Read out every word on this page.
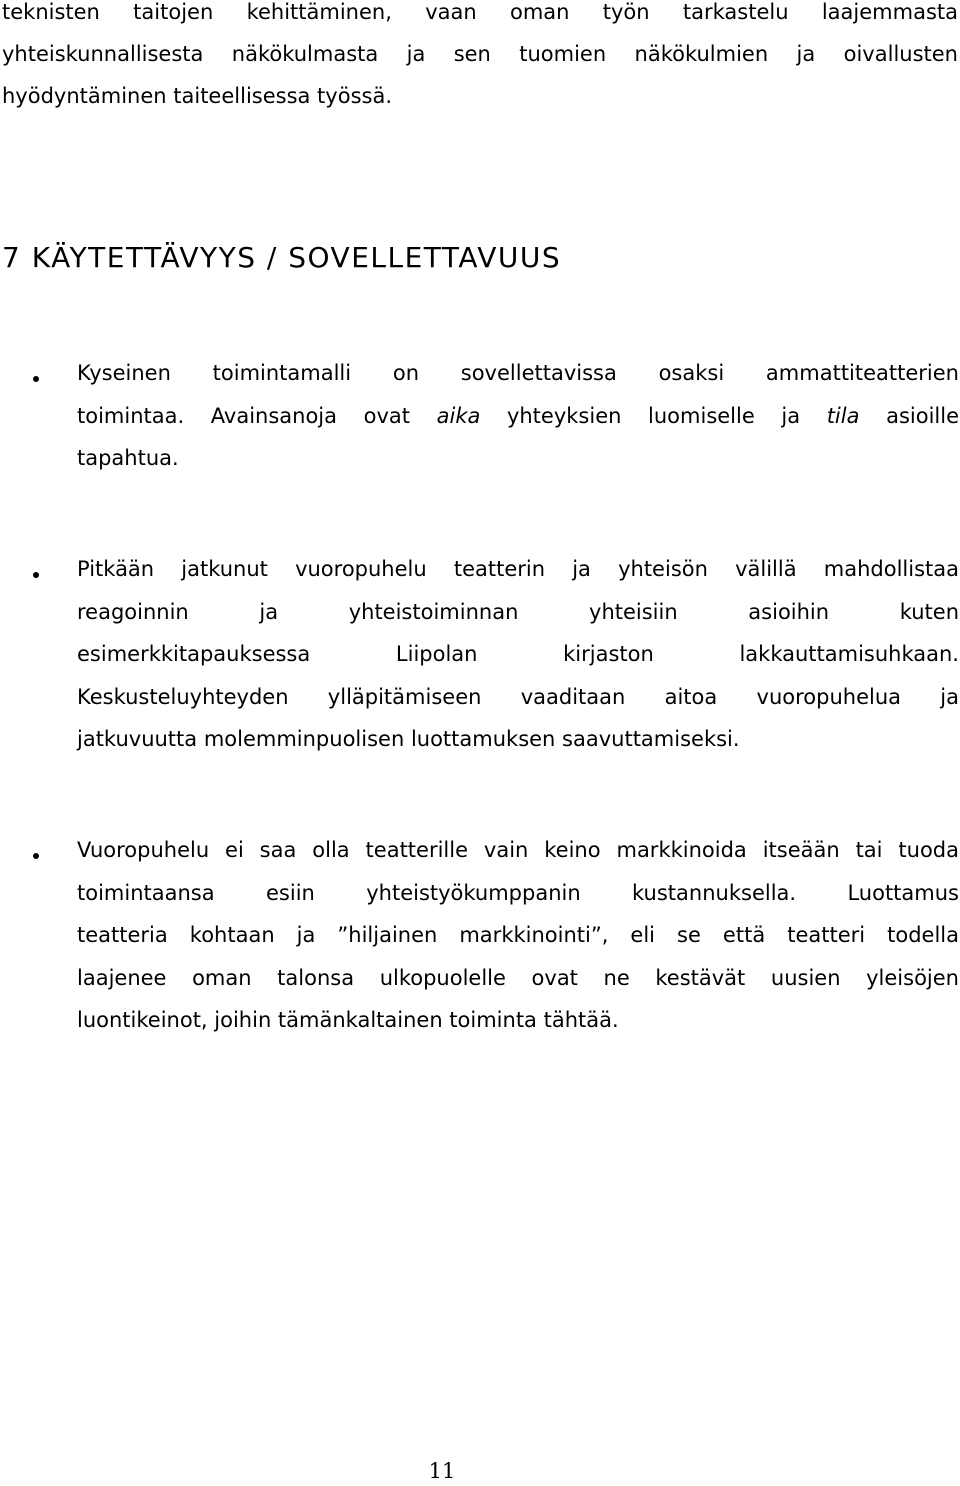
teknisten taitojen kehittäminen, vaan oman työn tarkastelu laajemmasta
yhteiskunnallisesta näkökulmasta ja sen tuomien näkökulmien ja oivallusten
hyödyntäminen taiteellisessa työssä.

7 KÄYTETTÄVYYS / SOVELLETTAVUUS

Kyseinen toimintamalli on sovellettavissa osaksi ammattiteatterien
toimintaa. Avainsanoja ovat aika yhteyksien luomiselle ja tila asioille
tapahtua.

Pitkään jatkunut vuoropuhelu teatterin ja yhteisön välillä mahdollistaa
reagoinnin ja yhteistoiminnan yhteisiin asioihin kuten
esimerkkitapauksessa Liipolan kirjaston lakkauttamisuhkaan.
Keskusteluyhteyden ylläpitämiseen vaaditaan aitoa vuoropuhelua ja
jatkuvuutta molemminpuolisen luottamuksen saavuttamiseksi.

Vuoropuhelu ei saa olla teatterille vain keino markkinoida itseään tai tuoda
toimintaansa esiin yhteistyökumppanin kustannuksella. Luottamus
teatteria kohtaan ja ”hiljainen markkinointi”, eli se että teatteri todella
laajenee oman talonsa ulkopuolelle ovat ne kestävät uusien yleisöjen
luontikeinot, joihin tämänkaltainen toiminta tähtää.

11
